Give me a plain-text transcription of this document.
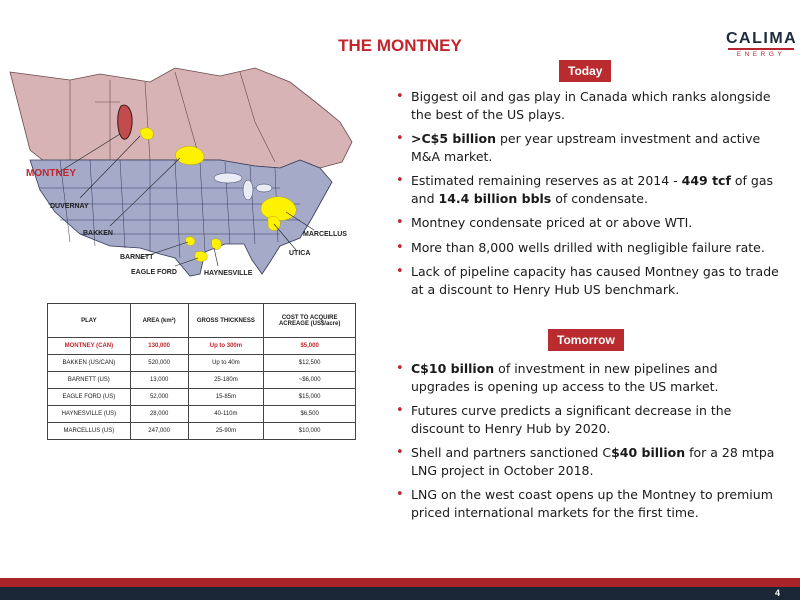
THE MONTNEY	CALIMA
ENERGY
MONTNEY
DUVERNAY
BAKKEN
BARNETT
EAGLE FORD	HAYNESVILLE
UTICA
MARCELLUS
PLAY	AREA (km²)	GROSS THICKNESS	COST TO ACQUIRE ACREAGE (US$/acre)
MONTNEY (CAN)	130,000	Up to 300m	$5,000
BAKKEN (US/CAN)	520,000	Up to 40m	$12,500
BARNETT (US)	13,000	25-180m	~$6,000
EAGLE FORD (US)	52,000	15-85m	$15,000
HAYNESVILLE (US)	28,000	40-110m	$6,500
MARCELLUS (US)	247,000	25-90m	$10,000
Today
• Biggest oil and gas play in Canada which ranks alongside the best of the US plays.
• >C$5 billion per year upstream investment and active M&A market.
• Estimated remaining reserves as at 2014 - 449 tcf of gas and 14.4 billion bbls of condensate.
• Montney condensate priced at or above WTI.
• More than 8,000 wells drilled with negligible failure rate.
• Lack of pipeline capacity has caused Montney gas to trade at a discount to Henry Hub US benchmark.
Tomorrow
• C$10 billion of investment in new pipelines and upgrades is opening up access to the US market.
• Futures curve predicts a significant decrease in the discount to Henry Hub by 2020.
• Shell and partners sanctioned C$40 billion for a 28 mtpa LNG project in October 2018.
• LNG on the west coast opens up the Montney to premium priced international markets for the first time.
4
